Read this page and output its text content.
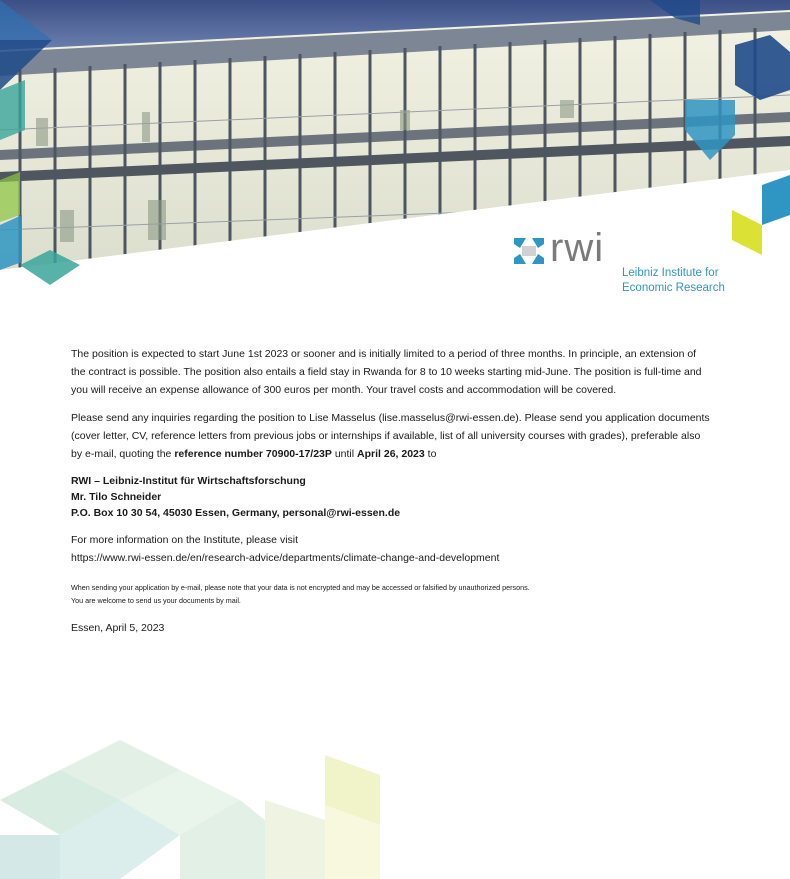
rwi
Leibniz Institute for
Economic Research

The position is expected to start June 1st 2023 or sooner and is initially limited to a period of three months. In principle, an extension of the contract is possible. The position also entails a field stay in Rwanda for 8 to 10 weeks starting mid-June. The position is full-time and you will receive an expense allowance of 300 euros per month. Your travel costs and accommodation will be covered.

Please send any inquiries regarding the position to Lise Masselus (lise.masselus@rwi-essen.de). Please send you application documents (cover letter, CV, reference letters from previous jobs or internships if available, list of all university courses with grades), preferable also by e-mail, quoting the reference number 70900-17/23P until April 26, 2023 to

RWI – Leibniz-Institut für Wirtschaftsforschung
Mr. Tilo Schneider
P.O. Box 10 30 54, 45030 Essen, Germany, personal@rwi-essen.de

For more information on the Institute, please visit

https://www.rwi-essen.de/en/research-advice/departments/climate-change-and-development

When sending your application by e-mail, please note that your data is not encrypted and may be accessed or falsified by unauthorized persons.
You are welcome to send us your documents by mail.
Essen, April 5, 2023
